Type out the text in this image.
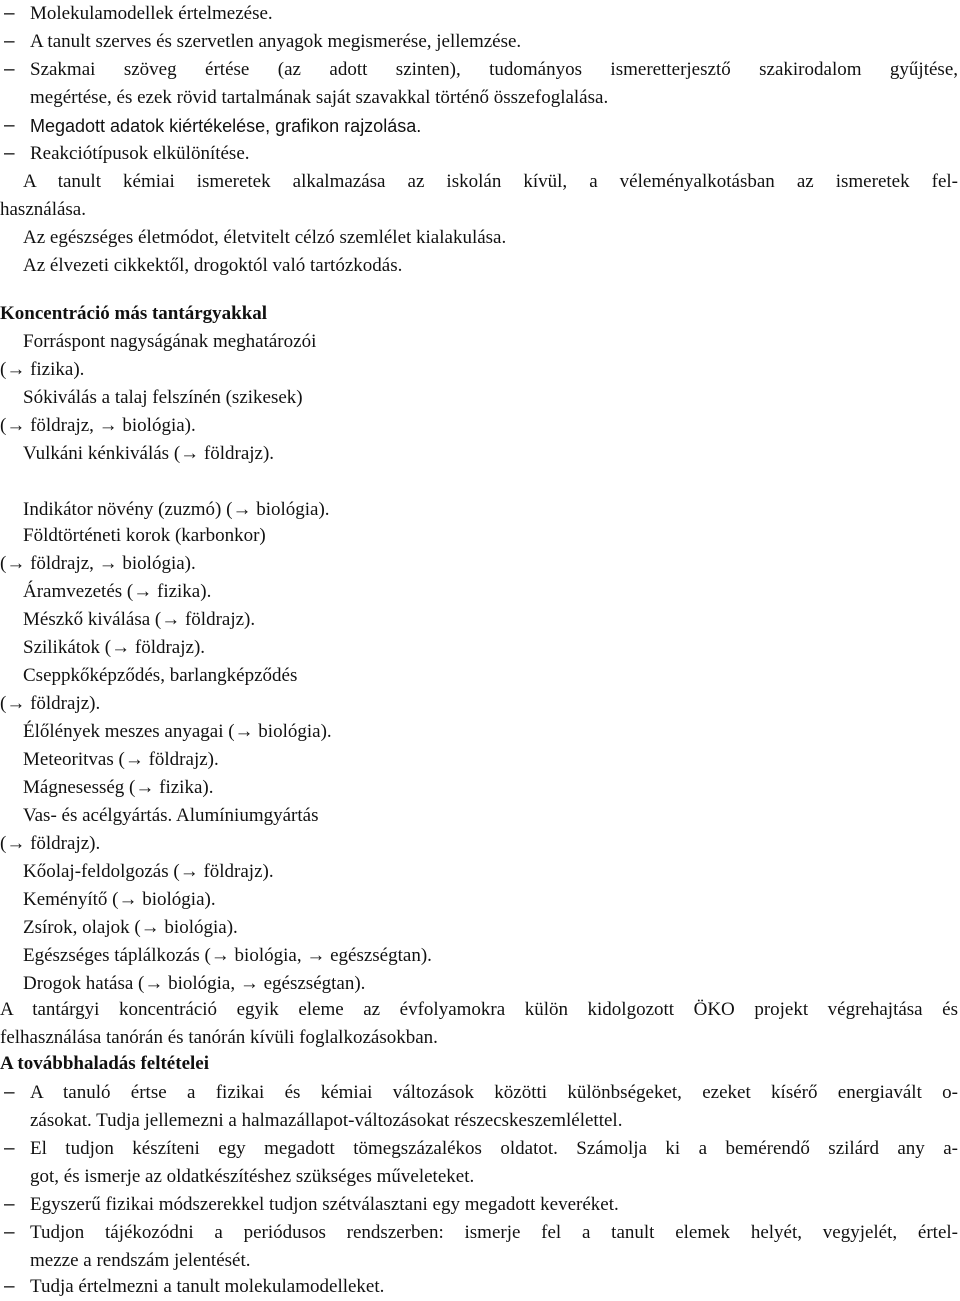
– Molekulamodellek értelmezése.
– A tanult szerves és szervetlen anyagok megismerése, jellemzése.
– Szakmai szöveg értése (az adott szinten), tudományos ismeretterjesztő szakirodalom gyűjtése,
megértése, és ezek rövid tartalmának saját szavakkal történő összefoglalása.
– Megadott adatok kiértékelése, grafikon rajzolása.
– Reakciótípusok elkülönítése.
A tanult kémiai ismeretek alkalmazása az iskolán kívül, a véleményalkotásban az ismeretek fel-
használása.
Az egészséges életmódot, életvitelt célzó szemlélet kialakulása.
Az élvezeti cikkektől, drogoktól való tartózkodás.
Koncentráció más tantárgyakkal
Forráspont nagyságának meghatározói
(→ fizika).
Sókiválás a talaj felszínén (szikesek)
(→ földrajz, → biológia).
Vulkáni kénkiválás (→ földrajz).
Indikátor növény (zuzmó) (→ biológia).
Földtörténeti korok (karbonkor)
(→ földrajz, → biológia).
Áramvezetés (→ fizika).
Mészkő kiválása (→ földrajz).
Szilikátok (→ földrajz).
Cseppkőképződés, barlangképződés
(→ földrajz).
Élőlények meszes anyagai (→ biológia).
Meteoritvas (→ földrajz).
Mágnesesség (→ fizika).
Vas- és acélgyártás. Alumíniumgyártás
(→ földrajz).
Kőolaj-feldolgozás (→ földrajz).
Keményítő (→ biológia).
Zsírok, olajok (→ biológia).
Egészséges táplálkozás (→ biológia, → egészségtan).
Drogok hatása (→ biológia, → egészségtan).
A tantárgyi koncentráció egyik eleme az évfolyamokra külön kidolgozott ÖKO projekt végrehajtása és
felhasználása tanórán és tanórán kívüli foglalkozásokban.
A továbbhaladás feltételei
– A tanuló értse a fizikai és kémiai változások közötti különbségeket, ezeket kísérő energiavált o-
zásokat. Tudja jellemezni a halmazállapot-változásokat részecskeszemlélettel.
– El tudjon készíteni egy megadott tömegszázalékos oldatot. Számolja ki a bemérendő szilárd any a-
got, és ismerje az oldatkészítéshez szükséges műveleteket.
– Egyszerű fizikai módszerekkel tudjon szétválasztani egy megadott keveréket.
– Tudjon tájékozódni a periódusos rendszerben: ismerje fel a tanult elemek helyét, vegyjelét, értel-
mezze a rendszám jelentését.
– Tudja értelmezni a tanult molekulamodelleket.
